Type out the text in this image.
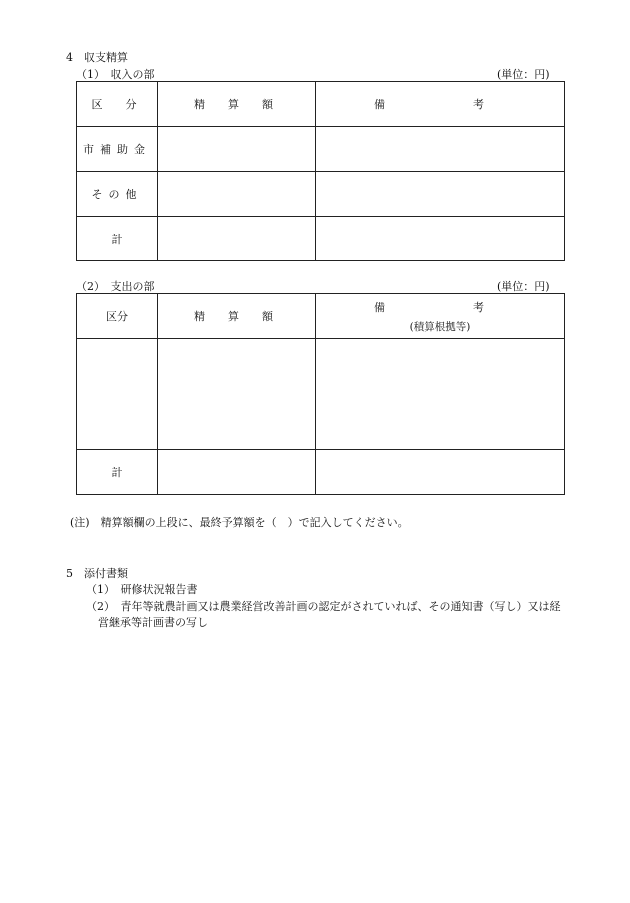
4　収支精算
（1）　収入の部	(単位：円)
区　分	精　算　額	備　　考
市補助金		
その他		
計		
（2）　支出の部	(単位：円)
区分	精　算　額	備　　考
(積算根拠等)

計		
(注)　精算額欄の上段に、最終予算額を（　）で記入してください。
5　添付書類
（1）　研修状況報告書
（2）　青年等就農計画又は農業経営改善計画の認定がされていれば、その通知書（写し）又は経
営継承等計画書の写し
